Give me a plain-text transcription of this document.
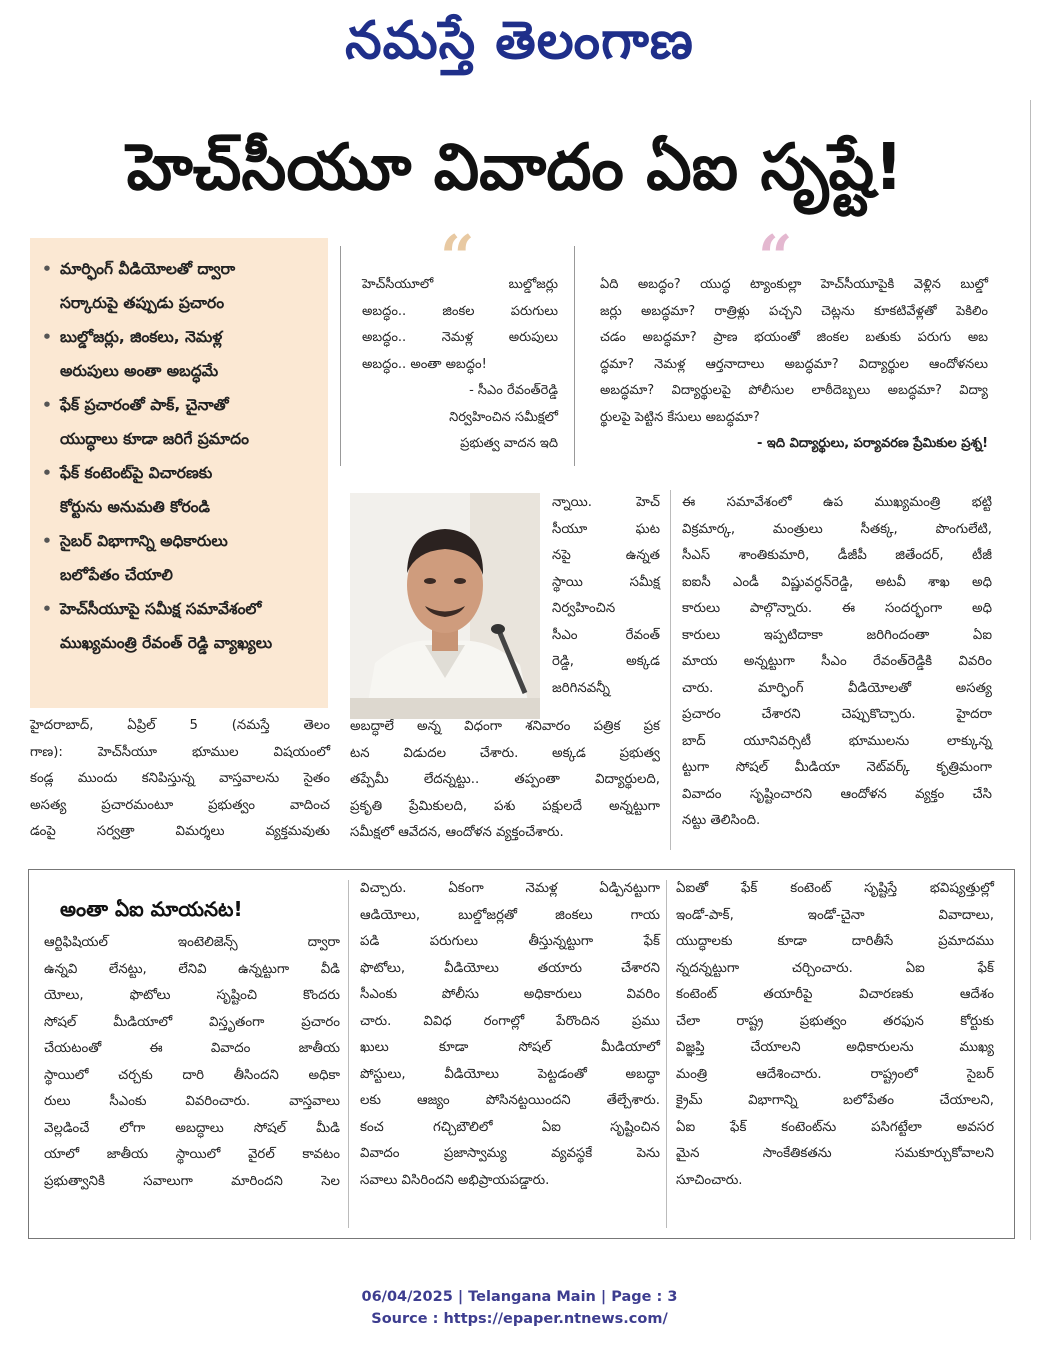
నమస్తే తెలంగాణ
హెచ్‌సీయూ వివాదం ఏఐ సృష్టే!
• మార్ఫింగ్ వీడియోలతో ద్వారా
సర్కారుపై తప్పుడు ప్రచారం
• బుల్డోజర్లు, జింకలు, నెమళ్ల
అరుపులు అంతా అబద్ధమే
• ఫేక్ ప్రచారంతో పాక్, చైనాతో
యుద్ధాలు కూడా జరిగే ప్రమాదం
• ఫేక్ కంటెంట్‌పై విచారణకు
కోర్టును అనుమతి కోరండి
• సైబర్ విభాగాన్ని అధికారులు
బలోపేతం చేయాలి
• హెచ్‌సీయూపై సమీక్ష సమావేశంలో
ముఖ్యమంత్రి రేవంత్ రెడ్డి వ్యాఖ్యలు
“
హెచ్‌సీయూలో బుల్డోజర్లు
అబద్ధం.. జింకల పరుగులు
అబద్ధం.. నెమళ్ల అరుపులు
అబద్ధం.. అంతా అబద్ధం!
- సీఎం రేవంత్‌రెడ్డి
నిర్వహించిన సమీక్షలో
ప్రభుత్వ వాదన ఇది
“
ఏది అబద్ధం? యుద్ధ ట్యాంకుల్లా హెచ్‌సీయూపైకి వెళ్లిన బుల్డో
జర్లు అబద్ధమా? రాత్రిళ్లు పచ్చని చెట్లను కూకటివేళ్లతో పెకిలిం
చడం అబద్ధమా? ప్రాణ భయంతో జింకల బతుకు పరుగు అబ
ద్ధమా? నెమళ్ల ఆర్తనాదాలు అబద్ధమా? విద్యార్థుల ఆందోళనలు
అబద్ధమా? విద్యార్థులపై పోలీసుల లాఠీదెబ్బలు అబద్ధమా? విద్యా
ర్థులపై పెట్టిన కేసులు అబద్ధమా?
- ఇది విద్యార్థులు, పర్యావరణ ప్రేమికుల ప్రశ్న!
హైదరాబాద్, ఏప్రిల్ 5 (నమస్తే తెలం
గాణ): హెచ్‌సీయూ భూముల విషయంలో
కండ్ల ముందు కనిపిస్తున్న వాస్తవాలను సైతం
అసత్య ప్రచారమంటూ ప్రభుత్వం వాదించ
డంపై సర్వత్రా విమర్శలు వ్యక్తమవుతు
న్నాయి. హెచ్
సీయూ ఘట
నపై ఉన్నత
స్థాయి సమీక్ష
నిర్వహించిన
సీఎం రేవంత్
రెడ్డి, అక్కడ
జరిగినవన్నీ
అబద్ధాలే అన్న విధంగా శనివారం పత్రిక ప్రక
టన విడుదల చేశారు. అక్కడ ప్రభుత్వ
తప్పేమీ లేదన్నట్టు.. తప్పంతా విద్యార్థులది,
ప్రకృతి ప్రేమికులది, పశు పక్షులదే అన్నట్టుగా
సమీక్షలో ఆవేదన, ఆందోళన వ్యక్తంచేశారు.
ఈ సమావేశంలో ఉప ముఖ్యమంత్రి భట్టి
విక్రమార్క, మంత్రులు సీతక్క, పొంగులేటి,
సీఎస్ శాంతికుమారి, డీజీపీ జితేందర్, టీజీ
ఐఐసీ ఎండీ విష్ణువర్ధన్‌రెడ్డి, అటవీ శాఖ అధి
కారులు పాల్గొన్నారు. ఈ సందర్భంగా అధి
కారులు ఇప్పటిదాకా జరిగిందంతా ఏఐ
మాయ అన్నట్టుగా సీఎం రేవంత్‌రెడ్డికి వివరిం
చారు. మార్ఫింగ్ వీడియోలతో అసత్య
ప్రచారం చేశారని చెప్పుకొచ్చారు. హైదరా
బాద్ యూనివర్సిటీ భూములను లాక్కున్న
ట్టుగా సోషల్ మీడియా నెట్‌వర్క్ కృత్రిమంగా
వివాదం సృష్టించారని ఆందోళన వ్యక్తం చేసి
నట్టు తెలిసింది.
అంతా ఏఐ మాయనట!
ఆర్టిఫిషియల్ ఇంటెలిజెన్స్ ద్వారా
ఉన్నవి లేనట్టు, లేనివి ఉన్నట్టుగా వీడి
యోలు, ఫొటోలు సృష్టించి కొందరు
సోషల్ మీడియాలో విస్తృతంగా ప్రచారం
చేయటంతో ఈ వివాదం జాతీయ
స్థాయిలో చర్చకు దారి తీసిందని అధికా
రులు సీఎంకు వివరించారు. వాస్తవాలు
వెల్లడించే లోగా అబద్ధాలు సోషల్ మీడి
యాలో జాతీయ స్థాయిలో వైరల్ కావటం
ప్రభుత్వానికి సవాలుగా మారిందని సెల
విచ్చారు. ఏకంగా నెమళ్ల ఏడ్పినట్టుగా
ఆడియోలు, బుల్డోజర్లతో జింకలు గాయ
పడి పరుగులు తీస్తున్నట్టుగా ఫేక్
ఫొటోలు, వీడియోలు తయారు చేశారని
సీఎంకు పోలీసు అధికారులు వివరిం
చారు. వివిధ రంగాల్లో పేరొందిన ప్రము
ఖులు కూడా సోషల్ మీడియాలో
పోస్టులు, వీడియోలు పెట్టడంతో అబద్ధా
లకు ఆజ్యం పోసినట్టయిందని తేల్చేశారు.
కంచ గచ్చిబౌలిలో ఏఐ సృష్టించిన
వివాదం ప్రజాస్వామ్య వ్యవస్థకే పెను
సవాలు విసిరిందని అభిప్రాయపడ్డారు.
ఏఐతో ఫేక్ కంటెంట్ సృష్టిస్తే భవిష్యత్తుల్లో
ఇండో-పాక్, ఇండో-చైనా వివాదాలు,
యుద్ధాలకు కూడా దారితీసే ప్రమాదము
న్నదన్నట్టుగా చర్చించారు. ఏఐ ఫేక్
కంటెంట్ తయారీపై విచారణకు ఆదేశం
చేలా రాష్ట్ర ప్రభుత్వం తరఫున కోర్టుకు
విజ్ఞప్తి చేయాలని అధికారులను ముఖ్య
మంత్రి ఆదేశించారు. రాష్ట్రంలో సైబర్
క్రైమ్ విభాగాన్ని బలోపేతం చేయాలని,
ఏఐ ఫేక్ కంటెంట్‌ను పసిగట్టేలా అవసర
మైన సాంకేతికతను సమకూర్చుకోవాలని
సూచించారు.
06/04/2025 | Telangana Main | Page : 3
Source : https://epaper.ntnews.com/
